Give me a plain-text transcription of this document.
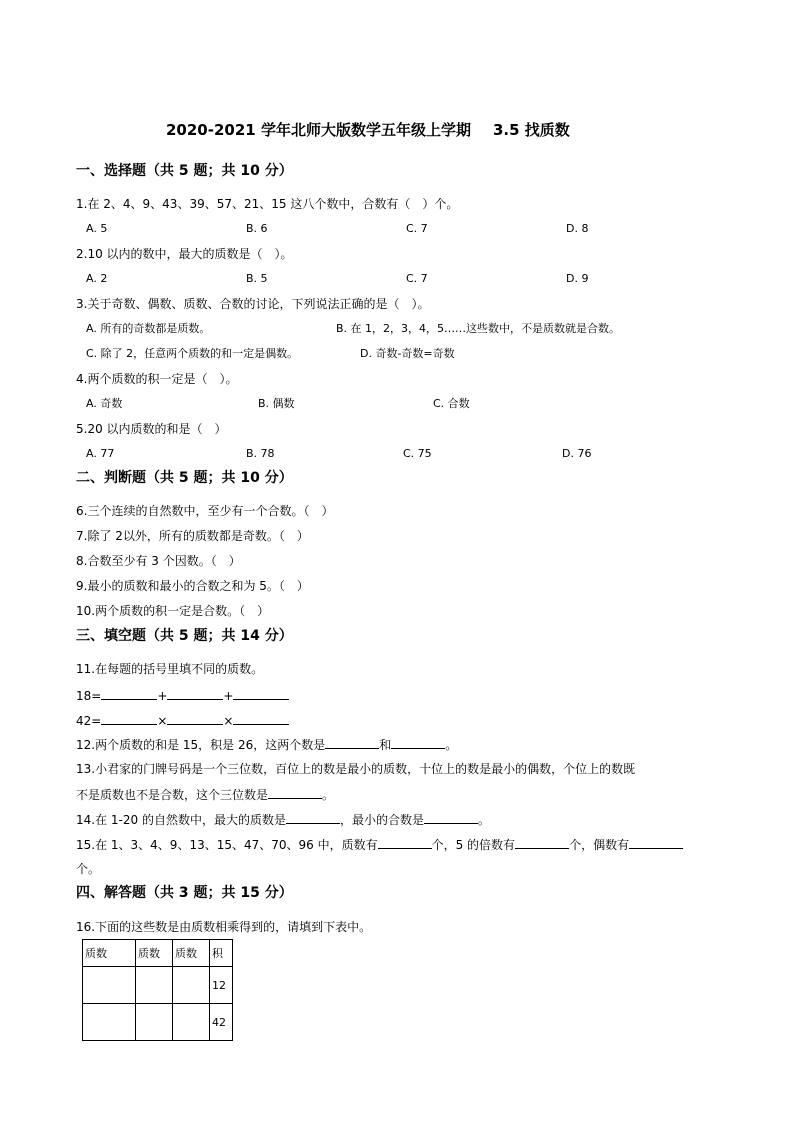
2020-2021 学年北师大版数学五年级上学期 3.5 找质数
一、选择题（共 5 题；共 10 分）
1.在 2、4、9、43、39、57、21、15 这八个数中，合数有（　）个。
A. 5	B. 6	C. 7	D. 8
2.10 以内的数中，最大的质数是（　）。
A. 2	B. 5	C. 7	D. 9
3.关于奇数、偶数、质数、合数的讨论，下列说法正确的是（　）。
A. 所有的奇数都是质数。	B. 在 1，2，3，4，5……这些数中，不是质数就是合数。
C. 除了 2，任意两个质数的和一定是偶数。	D. 奇数-奇数=奇数
4.两个质数的积一定是（　）。
A. 奇数	B. 偶数	C. 合数
5.20 以内质数的和是（　）
A. 77	B. 78	C. 75	D. 76
二、判断题（共 5 题；共 10 分）
6.三个连续的自然数中，至少有一个合数。（　）
7.除了 2以外，所有的质数都是奇数。（　）
8.合数至少有 3 个因数。（　）
9.最小的质数和最小的合数之和为 5。（　）
10.两个质数的积一定是合数。（　）
三、填空题（共 5 题；共 14 分）
11.在每题的括号里填不同的质数。
18=	+	+
42=	×	×
12.两个质数的和是 15，积是 26，这两个数是	和	。
13.小君家的门牌号码是一个三位数，百位上的数是最小的质数，十位上的数是最小的偶数，个位上的数既
不是质数也不是合数，这个三位数是	。
14.在 1-20 的自然数中，最大的质数是	，最小的合数是	。
15.在 1、3、4、9、13、15、47、70、96 中，质数有	个，5 的倍数有	个，偶数有
个。
四、解答题（共 3 题；共 15 分）
16.下面的这些数是由质数相乘得到的，请填到下表中。
质数	质数	质数	积
			12
			42
